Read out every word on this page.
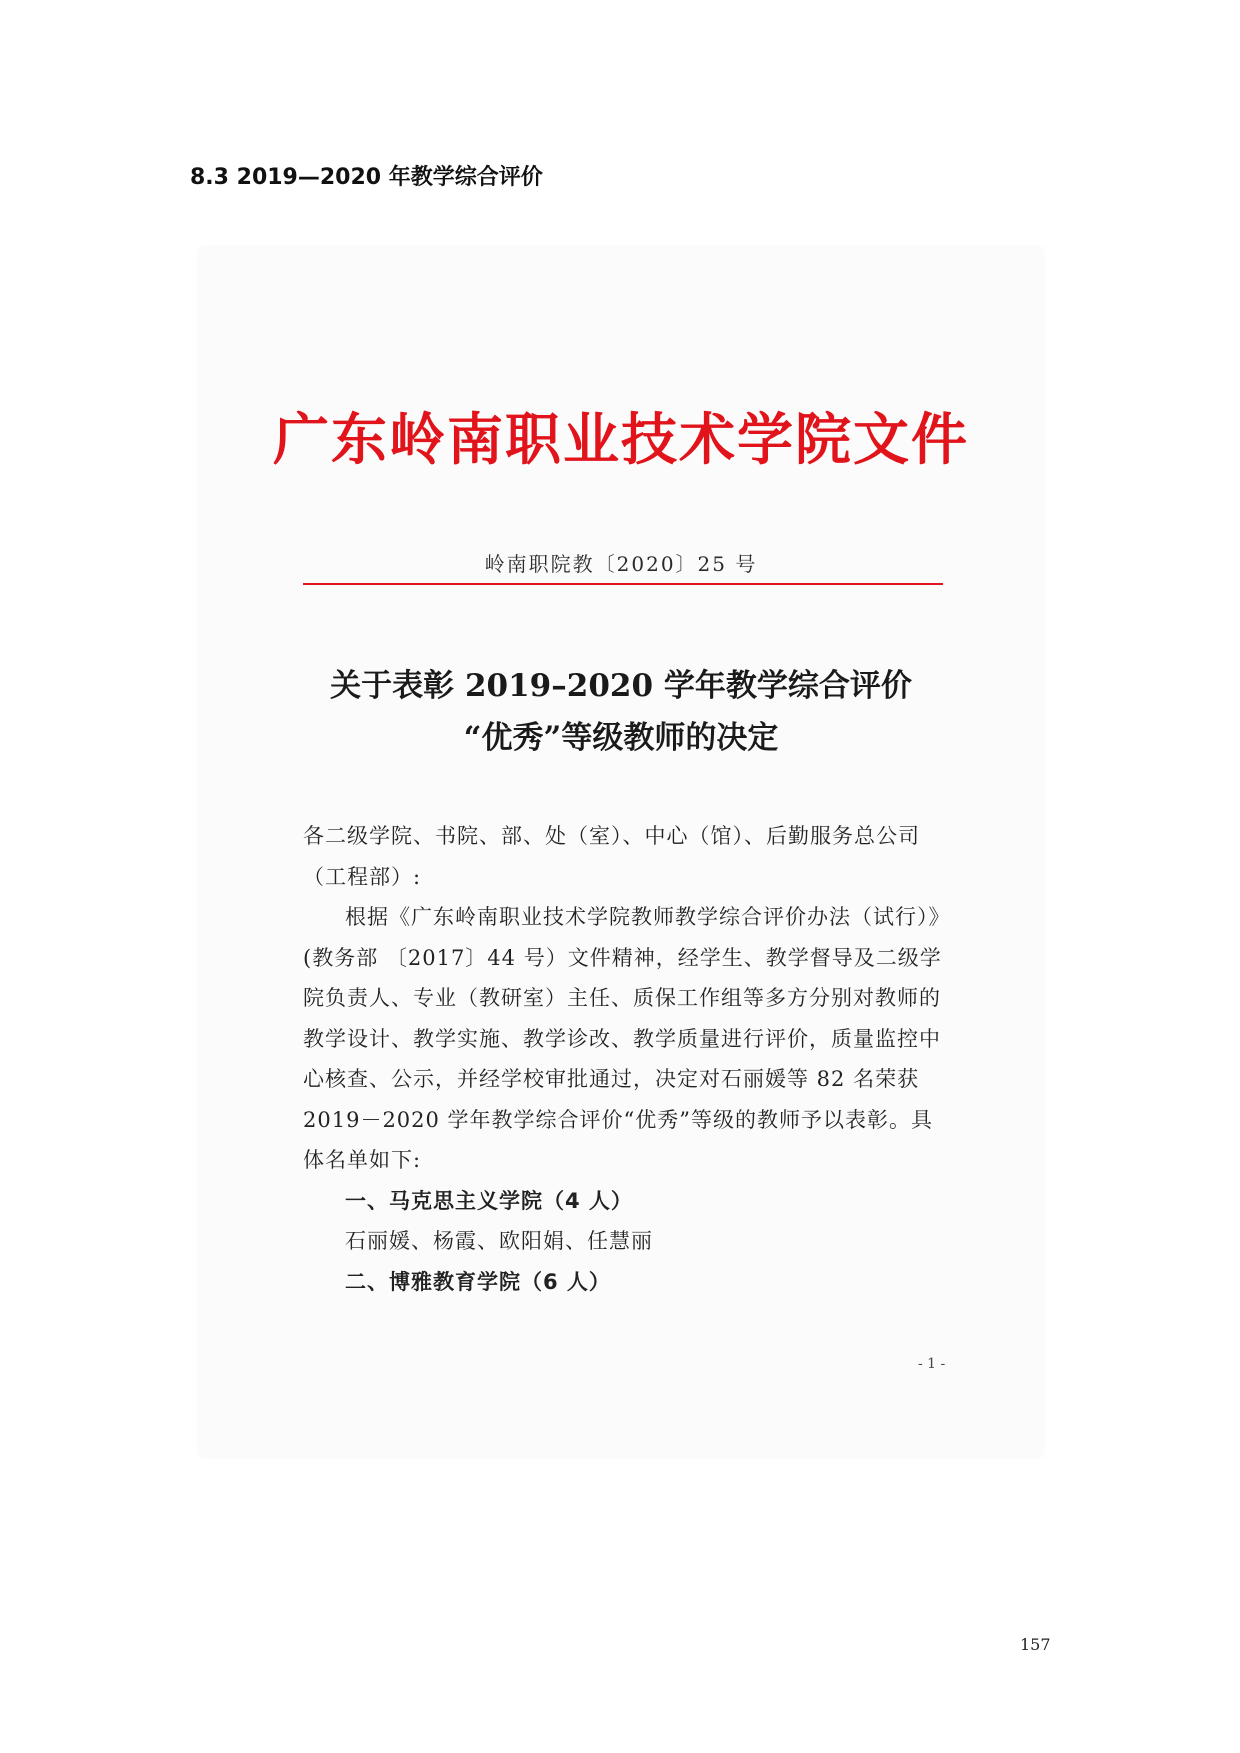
8.3 2019—2020 年教学综合评价
广东岭南职业技术学院文件
岭南职院教〔2020〕25 号
关于表彰 2019–2020 学年教学综合评价
“优秀”等级教师的决定

各二级学院、书院、部、处（室）、中心（馆）、后勤服务总公司（工程部）:

根据《广东岭南职业技术学院教师教学综合评价办法（试行）》(教务部 〔2017〕44 号）文件精神，经学生、教学督导及二级学院负责人、专业（教研室）主任、质保工作组等多方分别对教师的教学设计、教学实施、教学诊改、教学质量进行评价，质量监控中心核查、公示，并经学校审批通过，决定对石丽媛等 82 名荣获 2019－2020 学年教学综合评价“优秀”等级的教师予以表彰。具体名单如下:

一、马克思主义学院（4 人）

石丽媛、杨霞、欧阳娟、任慧丽

二、博雅教育学院（6 人）

- 1 -
157
